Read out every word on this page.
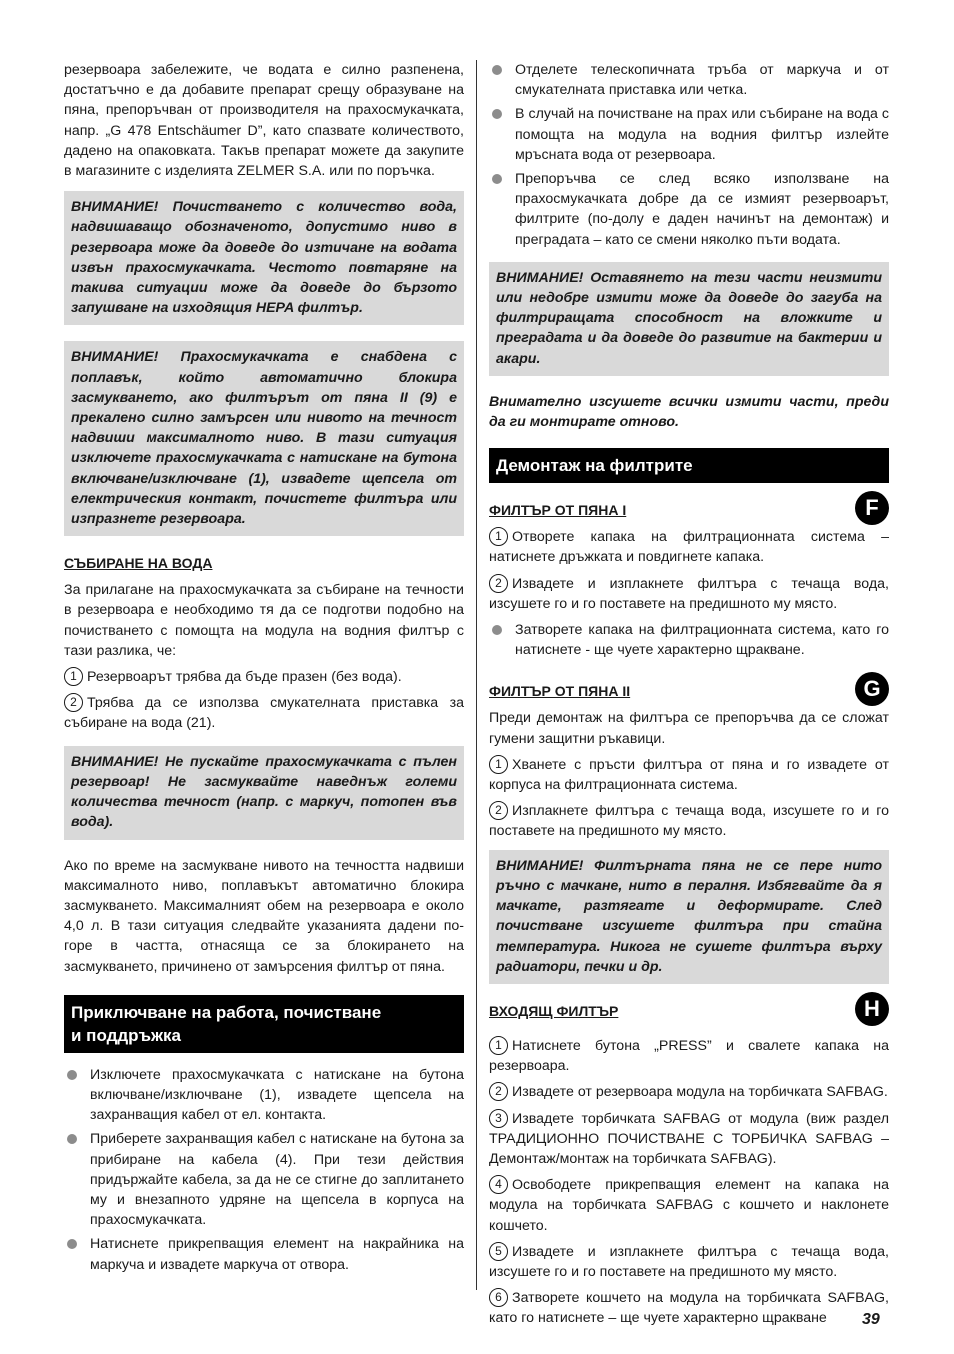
резервоара забележите, че водата е силно разпенена, достатъчно е да добавите препарат срещу образуване на пяна, препоръчван от производителя на прахосмукачката, напр. „G 478 Entschäumer D”, като спазвате количеството, дадено на опаковката. Такъв препарат можете да закупите в магазините с изделията ZELMER S.A. или по поръчка.

ВНИМАНИЕ! Почистването с количество вода, надвишаващо обозначеното, допустимо ниво в резервоара може да доведе до изтичане на водата извън прахосмукачката. Честото повтаряне на такива ситуации може да доведе до бързото запушване на изходящия HEPA филтър.
ВНИМАНИЕ! Прахосмукачката е снабдена с поплавък, който автоматично блокира засмукването, ако филтърът от пяна II (9) е прекалено силно замърсен или нивото на течност надвиши максималното ниво. В тази ситуация изключете прахосмукачката с натискане на бутона включване/изключване (1), извадете щепсела от електрическия контакт, почистете филтъра или изпразнете резервоара.
СЪБИРАНЕ НА ВОДА

За прилагане на прахосмукачката за събиране на течности в резервоара е необходимо тя да се подготви подобно на почистването с помощта на модула на водния филтър с тази разлика, че:

1 Резервоарът трябва да бъде празен (без вода).

2 Трябва да се използва смукателната приставка за събиране на вода (21).

ВНИМАНИЕ! Не пускайте прахосмукачката с пълен резервоар! Не засмуквайте наведнъж големи количества течност (напр. с маркуч, потопен във вода).

Ако по време на засмукване нивото на течността надвиши максималното ниво, поплавъкът автоматично блокира засмукването. Максималният обем на резервоара е около 4,0 л. В тази ситуация следвайте указанията дадени по-горе в частта, отнасяща се за блокирането на засмукването, причинено от замърсения филтър от пяна.

Приключване на работа, почистване
и поддръжка
Изключете прахосмукачката с натискане на бутона включване/изключване (1), извадете щепсела на захранващия кабел от ел. контакта.
Приберете захранващия кабел с натискане на бутона за прибиране на кабела (4). При тези действия придържайте кабела, за да не се стигне до заплитането му и внезапното удряне на щепсела в корпуса на прахосмукачката.
Натиснете прикрепващия елемент на накрайника на маркуча и извадете маркуча от отвора.
Отделете телескопичната тръба от маркуча и от смукателната приставка или четка.
В случай на почистване на прах или събиране на вода с помощта на модула на водния филтър излейте мръсната вода от резервоара.
Препоръчва се след всяко използване на прахосмукачката добре да се измият резервоарът, филтрите (по-долу е даден начинът на демонтаж) и преградата – като се смени няколко пъти водата.
ВНИМАНИЕ! Оставянето на тези части неизмити или недобре измити може да доведе до загуба на филтриращата способност на вложките и преградата и да доведе до развитие на бактерии и акари.

Внимателно изсушете всички измити части, преди да ги монтирате отново.

Демонтаж на филтрите
ФИЛТЪР ОТ ПЯНА I	F

1 Отворете капака на филтрационната система – натиснете дръжката и повдигнете капака.

2 Извадете и изплакнете филтъра с течаща вода, изсушете го и го поставете на предишното му място.

Затворете капака на филтрационната система, като го натиснете - ще чуете характерно щракване.
ФИЛТЪР ОТ ПЯНА II	G

Преди демонтаж на филтъра се препоръчва да се сложат гумени защитни ръкавици.

1 Хванете с пръсти филтъра от пяна и го извадете от корпуса на филтрационната система.

2 Изплакнете филтъра с течаща вода, изсушете го и го поставете на предишното му място.

ВНИМАНИЕ! Филтърната пяна не се пере нито ръчно с мачкане, нито в пералня. Избягвайте да я мачкате, разтягате и деформирате. След почистване изсушете филтъра при стайна температура. Никога не сушете филтъра върху радиатори, печки и др.
ВХОДЯЩ ФИЛТЪР	H

1 Натиснете бутона „PRESS” и свалете капака на резервоара.

2 Извадете от резервоара модула на торбичката SAFBAG.

3 Извадете торбичката SAFBAG от модула (виж раздел ТРАДИЦИОННО ПОЧИСТВАНЕ С ТОРБИЧКА SAFBAG – Демонтаж/монтаж на торбичката SAFBAG).

4 Освободете прикрепващия елемент на капака на модула на торбичката SAFBAG с кошчето и наклонете кошчето.

5 Извадете и изплакнете филтъра с течаща вода, изсушете го и го поставете на предишното му място.

6 Затворете кошчето на модула на торбичката SAFBAG, като го натиснете – ще чуете характерно щракване	39
